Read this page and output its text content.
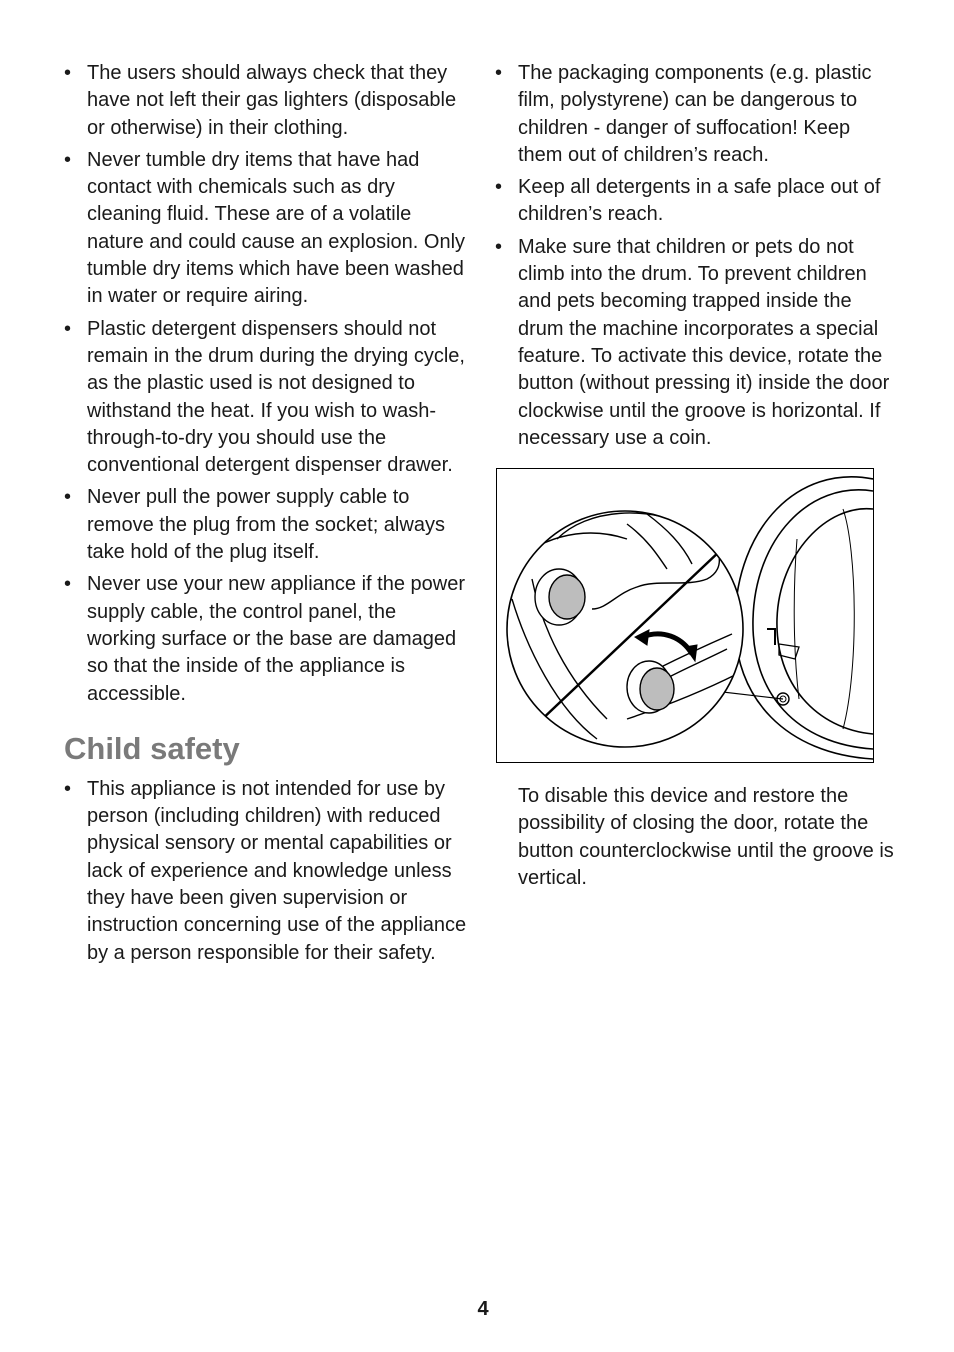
• The users should always check that they have not left their gas lighters (disposable or otherwise) in their clothing.
• Never tumble dry items that have had contact with chemicals such as dry cleaning fluid. These are of a volatile nature and could cause an explosion. Only tumble dry items which have been washed in water or require airing.
• Plastic detergent dispensers should not remain in the drum during the drying cycle, as the plastic used is not designed to withstand the heat. If you wish to wash-through-to-dry you should use the conventional detergent dispenser drawer.
• Never pull the power supply cable to remove the plug from the socket; always take hold of the plug itself.
• Never use your new appliance if the power supply cable, the control panel, the working surface or the base are damaged so that the inside of the appliance is accessible.
Child safety
• This appliance is not intended for use by person (including children) with reduced physical sensory or mental capabilities or lack of experience and knowledge unless they have been given supervision or instruction concerning use of the appliance by a person responsible for their safety.
• The packaging components (e.g. plastic film, polystyrene) can be dangerous to children - danger of suffocation! Keep them out of children’s reach.
• Keep all detergents in a safe place out of children’s reach.
• Make sure that children or pets do not climb into the drum. To prevent children and pets becoming trapped inside the drum the machine incorporates a special feature. To activate this device, rotate the button (without pressing it) inside the door clockwise until the groove is horizontal. If necessary use a coin.

To disable this device and restore the possibility of closing the door, rotate the button counterclockwise until the groove is vertical.

4
